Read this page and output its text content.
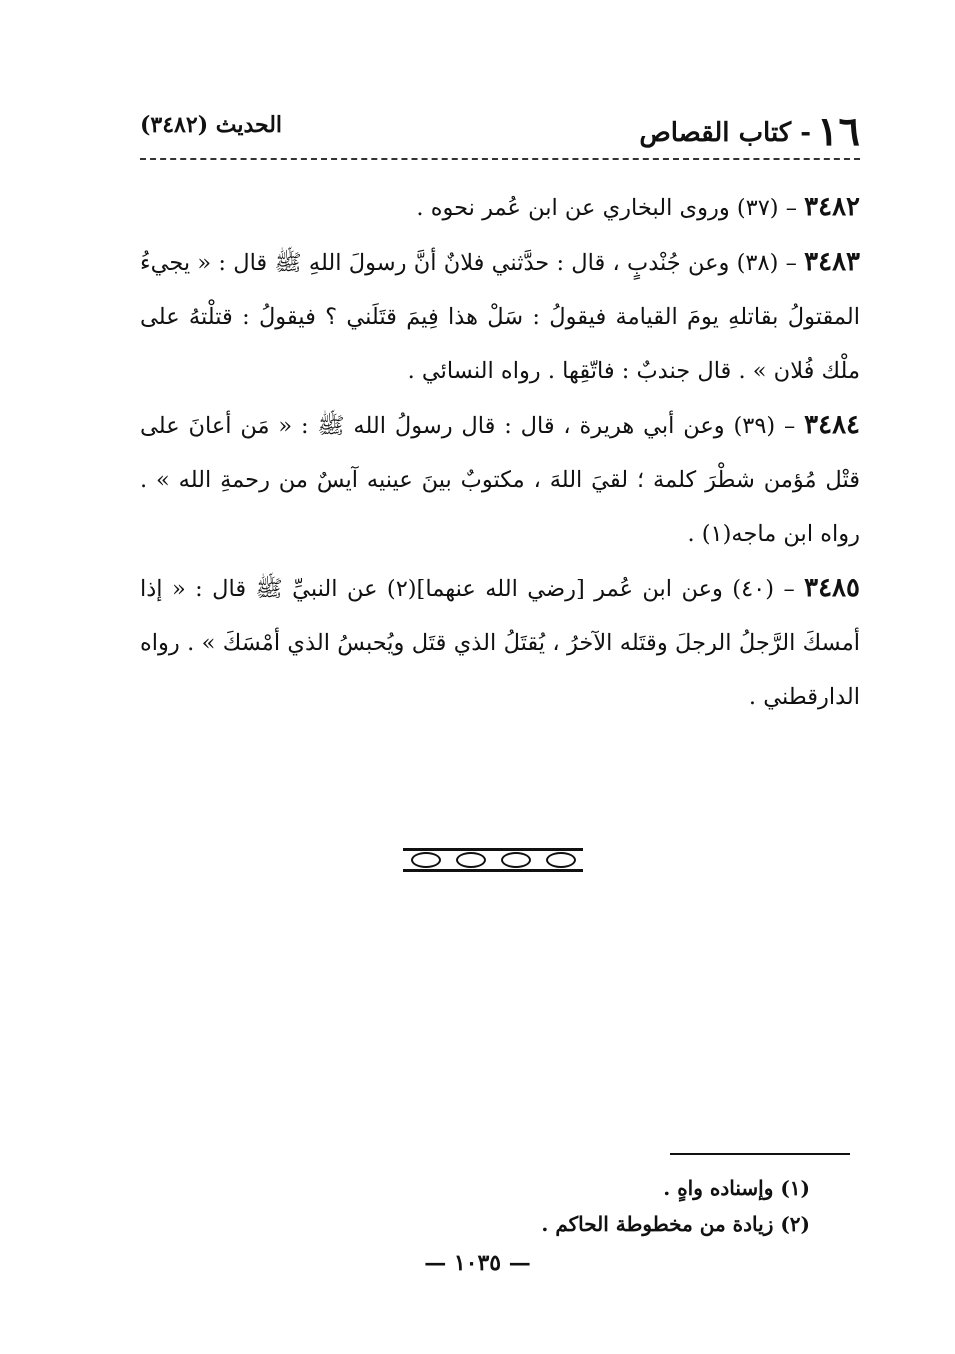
١٦- كتاب القصاص
الحديث (٣٤٨٢)

٣٤٨٢ – (٣٧) وروى البخاري عن ابن عُمر نحوه .

٣٤٨٣ – (٣٨) وعن جُنْدبٍ ، قال : حدَّثني فلانٌ أنَّ رسولَ اللهِ ﷺ قال : « يجيءُ المقتولُ بقاتلهِ يومَ القيامة فيقولُ : سَلْ هذا فِيمَ قتَلَني ؟ فيقولُ : قتلْتهُ على ملْك فُلان » . قال جندبٌ : فاتّقِها . رواه النسائي .

٣٤٨٤ – (٣٩) وعن أبي هريرة ، قال : قال رسولُ الله ﷺ : « مَن أعانَ على قتْل مُؤمن شطْرَ كلمة ؛ لقيَ اللهَ ، مكتوبٌ بينَ عينيه آيسٌ من رحمةِ الله » . رواه ابن ماجه(١) .

٣٤٨٥ – (٤٠) وعن ابن عُمر [رضي الله عنهما](٢) عن النبيِّ ﷺ قال : « إذا أمسكَ الرَّجلُ الرجلَ وقتَله الآخرُ ، يُقتَلُ الذي قتَل ويُحبسُ الذي أمْسَكَ » . رواه الدارقطني .

(١) وإسناده واهٍ .
(٢) زيادة من مخطوطة الحاكم .
— ١٠٣٥ —
